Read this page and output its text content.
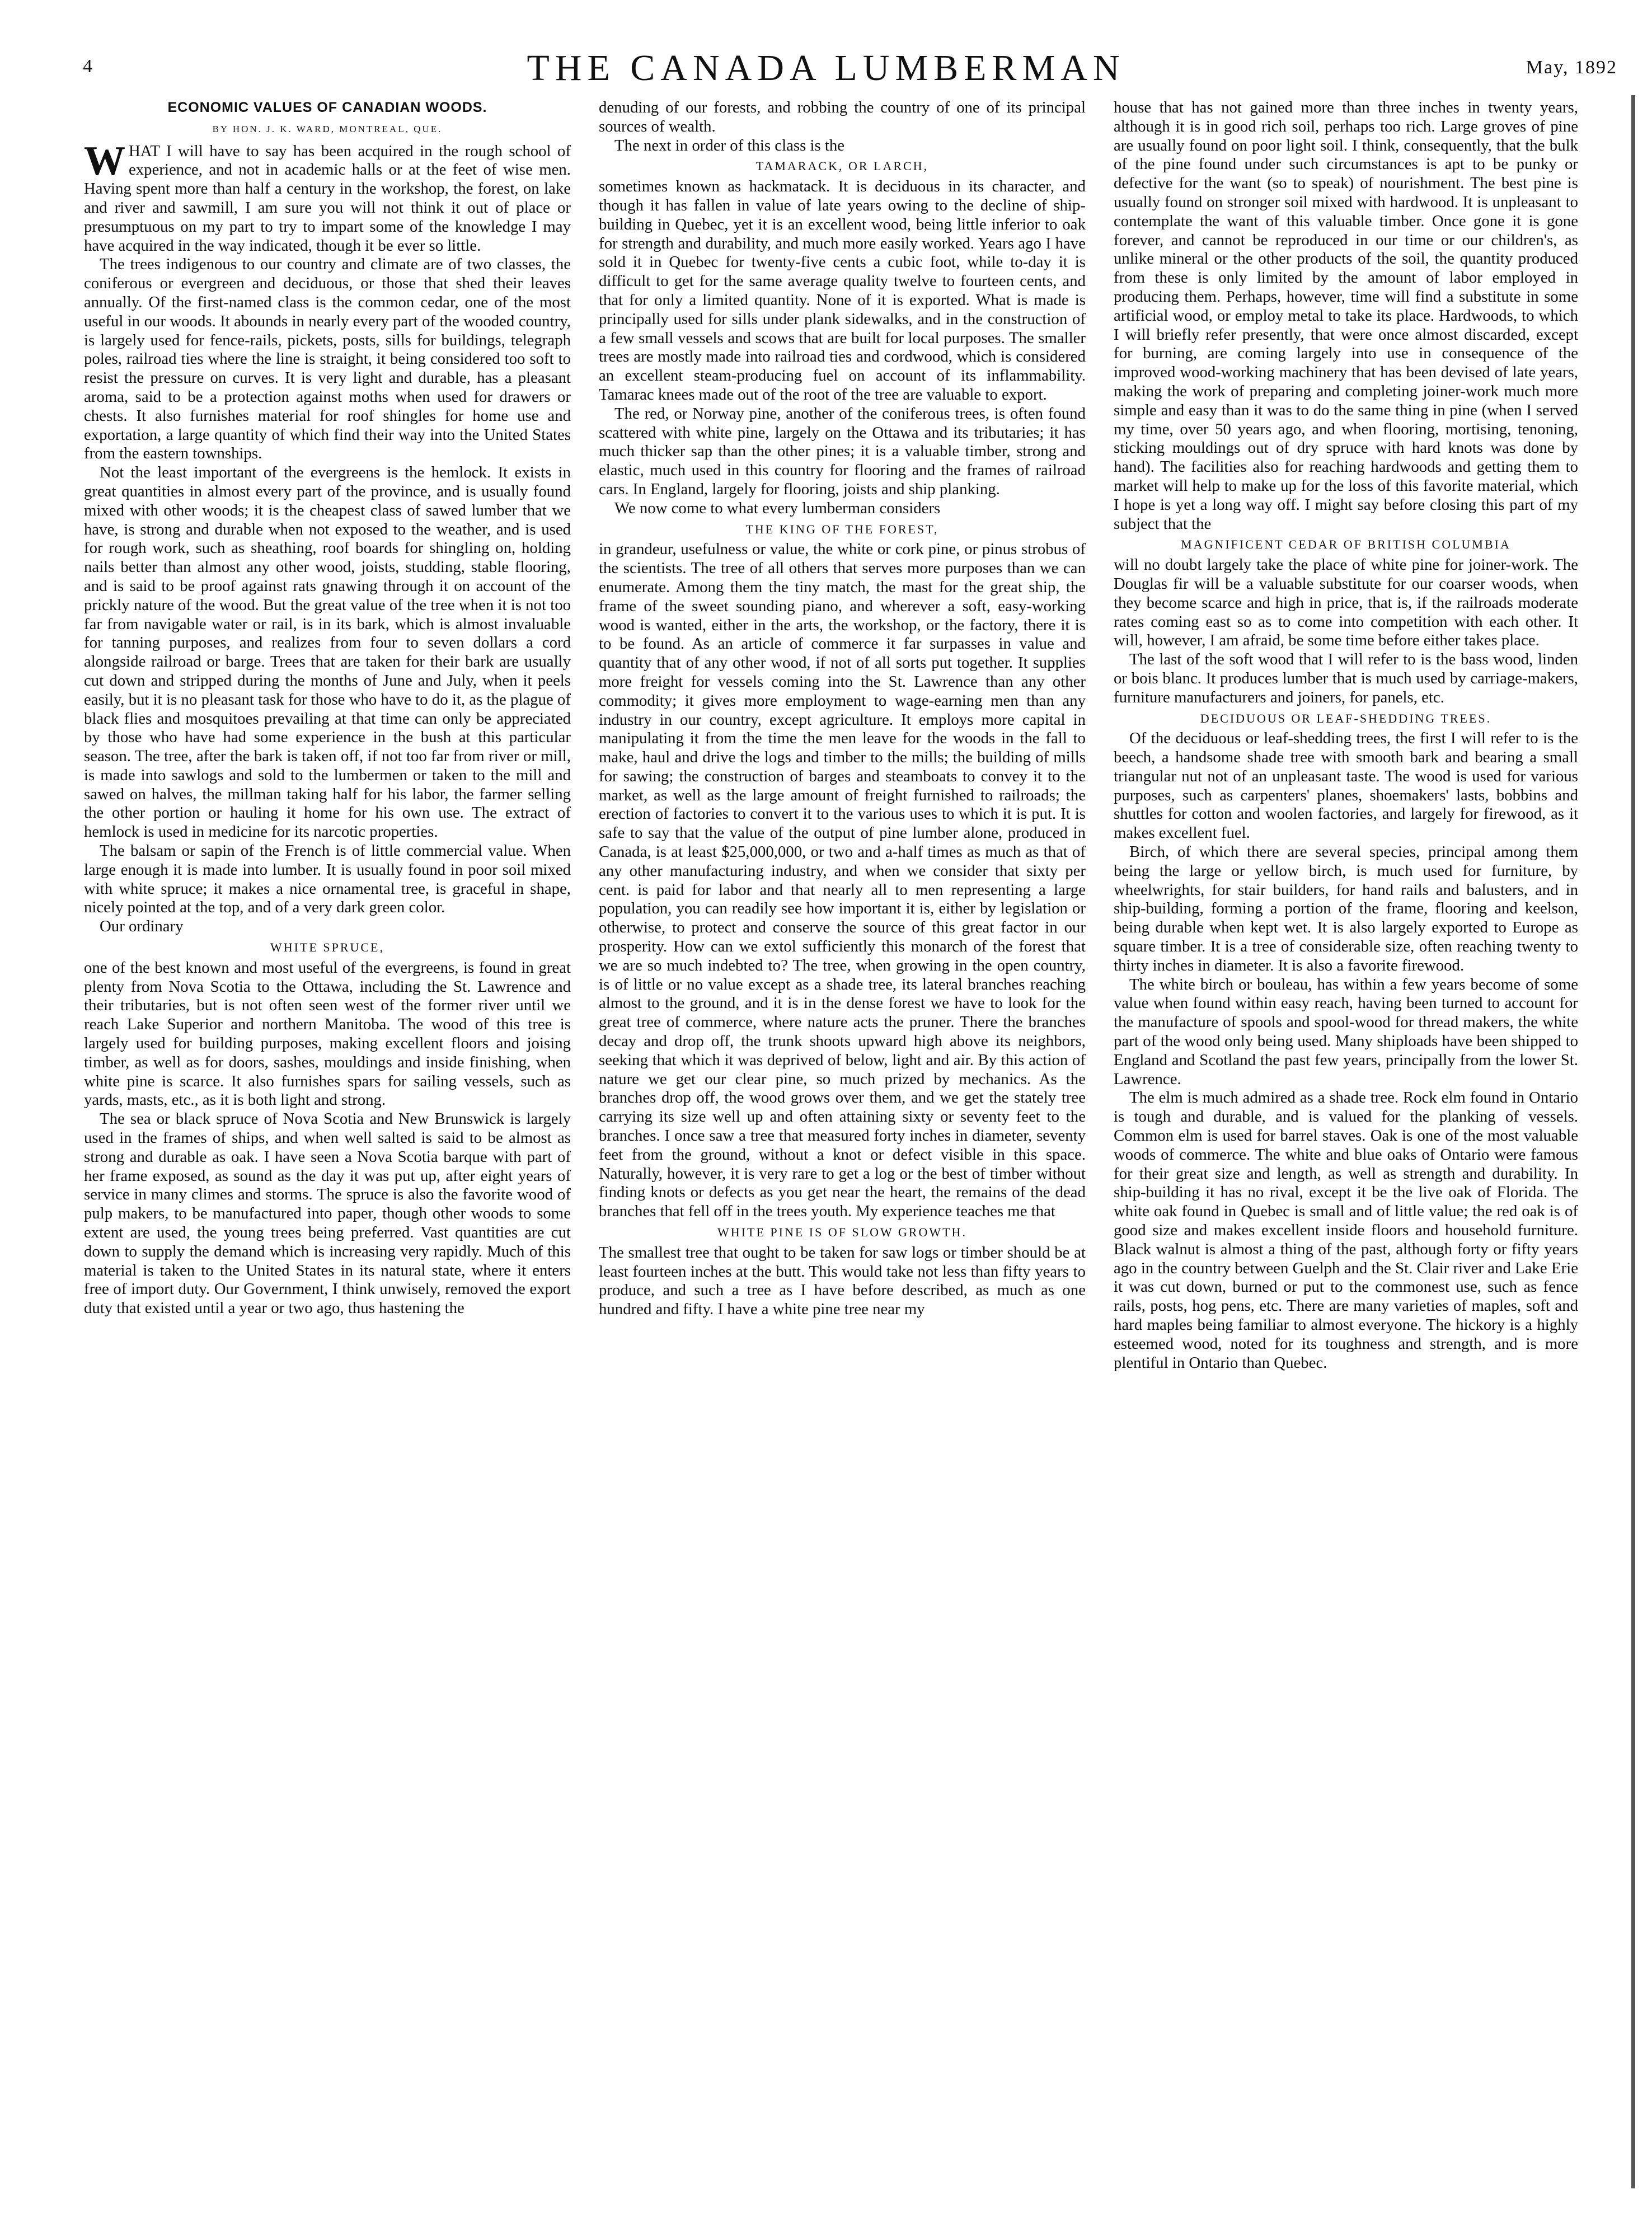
4	THE CANADA LUMBERMAN	May, 1892
ECONOMIC VALUES OF CANADIAN WOODS.
BY HON. J. K. WARD, MONTREAL, QUE.

WHAT I will have to say has been acquired in the rough school of experience, and not in academic halls or at the feet of wise men. Having spent more than half a century in the workshop, the forest, on lake and river and sawmill, I am sure you will not think it out of place or presumptuous on my part to try to impart some of the knowledge I may have acquired in the way indicated, though it be ever so little.

The trees indigenous to our country and climate are of two classes, the coniferous or evergreen and deciduous, or those that shed their leaves annually. Of the first-named class is the common cedar, one of the most useful in our woods. It abounds in nearly every part of the wooded country, is largely used for fence-rails, pickets, posts, sills for buildings, telegraph poles, railroad ties where the line is straight, it being considered too soft to resist the pressure on curves. It is very light and durable, has a pleasant aroma, said to be a protection against moths when used for drawers or chests. It also furnishes material for roof shingles for home use and exportation, a large quantity of which find their way into the United States from the eastern townships.

Not the least important of the evergreens is the hemlock. It exists in great quantities in almost every part of the province, and is usually found mixed with other woods; it is the cheapest class of sawed lumber that we have, is strong and durable when not exposed to the weather, and is used for rough work, such as sheathing, roof boards for shingling on, holding nails better than almost any other wood, joists, studding, stable flooring, and is said to be proof against rats gnawing through it on account of the prickly nature of the wood. But the great value of the tree when it is not too far from navigable water or rail, is in its bark, which is almost invaluable for tanning purposes, and realizes from four to seven dollars a cord alongside railroad or barge. Trees that are taken for their bark are usually cut down and stripped during the months of June and July, when it peels easily, but it is no pleasant task for those who have to do it, as the plague of black flies and mosquitoes prevailing at that time can only be appreciated by those who have had some experience in the bush at this particular season. The tree, after the bark is taken off, if not too far from river or mill, is made into sawlogs and sold to the lumbermen or taken to the mill and sawed on halves, the millman taking half for his labor, the farmer selling the other portion or hauling it home for his own use. The extract of hemlock is used in medicine for its narcotic properties.

The balsam or sapin of the French is of little commercial value. When large enough it is made into lumber. It is usually found in poor soil mixed with white spruce; it makes a nice ornamental tree, is graceful in shape, nicely pointed at the top, and of a very dark green color.

Our ordinary

WHITE SPRUCE,

one of the best known and most useful of the evergreens, is found in great plenty from Nova Scotia to the Ottawa, including the St. Lawrence and their tributaries, but is not often seen west of the former river until we reach Lake Superior and northern Manitoba. The wood of this tree is largely used for building purposes, making excellent floors and joising timber, as well as for doors, sashes, mouldings and inside finishing, when white pine is scarce. It also furnishes spars for sailing vessels, such as yards, masts, etc., as it is both light and strong.

The sea or black spruce of Nova Scotia and New Brunswick is largely used in the frames of ships, and when well salted is said to be almost as strong and durable as oak. I have seen a Nova Scotia barque with part of her frame exposed, as sound as the day it was put up, after eight years of service in many climes and storms. The spruce is also the favorite wood of pulp makers, to be manufactured into paper, though other woods to some extent are used, the young trees being preferred. Vast quantities are cut down to supply the demand which is increasing very rapidly. Much of this material is taken to the United States in its natural state, where it enters free of import duty. Our Government, I think unwisely, removed the export duty that existed until a year or two ago, thus hastening the

denuding of our forests, and robbing the country of one of its principal sources of wealth.

The next in order of this class is the

TAMARACK, OR LARCH,

sometimes known as hackmatack. It is deciduous in its character, and though it has fallen in value of late years owing to the decline of ship-building in Quebec, yet it is an excellent wood, being little inferior to oak for strength and durability, and much more easily worked. Years ago I have sold it in Quebec for twenty-five cents a cubic foot, while to-day it is difficult to get for the same average quality twelve to fourteen cents, and that for only a limited quantity. None of it is exported. What is made is principally used for sills under plank sidewalks, and in the construction of a few small vessels and scows that are built for local purposes. The smaller trees are mostly made into railroad ties and cordwood, which is considered an excellent steam-producing fuel on account of its inflammability. Tamarac knees made out of the root of the tree are valuable to export.

The red, or Norway pine, another of the coniferous trees, is often found scattered with white pine, largely on the Ottawa and its tributaries; it has much thicker sap than the other pines; it is a valuable timber, strong and elastic, much used in this country for flooring and the frames of railroad cars. In England, largely for flooring, joists and ship planking.

We now come to what every lumberman considers

THE KING OF THE FOREST,

in grandeur, usefulness or value, the white or cork pine, or pinus strobus of the scientists. The tree of all others that serves more purposes than we can enumerate. Among them the tiny match, the mast for the great ship, the frame of the sweet sounding piano, and wherever a soft, easy-working wood is wanted, either in the arts, the workshop, or the factory, there it is to be found. As an article of commerce it far surpasses in value and quantity that of any other wood, if not of all sorts put together. It supplies more freight for vessels coming into the St. Lawrence than any other commodity; it gives more employment to wage-earning men than any industry in our country, except agriculture. It employs more capital in manipulating it from the time the men leave for the woods in the fall to make, haul and drive the logs and timber to the mills; the building of mills for sawing; the construction of barges and steamboats to convey it to the market, as well as the large amount of freight furnished to railroads; the erection of factories to convert it to the various uses to which it is put. It is safe to say that the value of the output of pine lumber alone, produced in Canada, is at least $25,000,000, or two and a-half times as much as that of any other manufacturing industry, and when we consider that sixty per cent. is paid for labor and that nearly all to men representing a large population, you can readily see how important it is, either by legislation or otherwise, to protect and conserve the source of this great factor in our prosperity. How can we extol sufficiently this monarch of the forest that we are so much indebted to? The tree, when growing in the open country, is of little or no value except as a shade tree, its lateral branches reaching almost to the ground, and it is in the dense forest we have to look for the great tree of commerce, where nature acts the pruner. There the branches decay and drop off, the trunk shoots upward high above its neighbors, seeking that which it was deprived of below, light and air. By this action of nature we get our clear pine, so much prized by mechanics. As the branches drop off, the wood grows over them, and we get the stately tree carrying its size well up and often attaining sixty or seventy feet to the branches. I once saw a tree that measured forty inches in diameter, seventy feet from the ground, without a knot or defect visible in this space. Naturally, however, it is very rare to get a log or the best of timber without finding knots or defects as you get near the heart, the remains of the dead branches that fell off in the trees youth. My experience teaches me that

WHITE PINE IS OF SLOW GROWTH.

The smallest tree that ought to be taken for saw logs or timber should be at least fourteen inches at the butt. This would take not less than fifty years to produce, and such a tree as I have before described, as much as one hundred and fifty. I have a white pine tree near my

house that has not gained more than three inches in twenty years, although it is in good rich soil, perhaps too rich. Large groves of pine are usually found on poor light soil. I think, consequently, that the bulk of the pine found under such circumstances is apt to be punky or defective for the want (so to speak) of nourishment. The best pine is usually found on stronger soil mixed with hardwood. It is unpleasant to contemplate the want of this valuable timber. Once gone it is gone forever, and cannot be reproduced in our time or our children's, as unlike mineral or the other products of the soil, the quantity produced from these is only limited by the amount of labor employed in producing them. Perhaps, however, time will find a substitute in some artificial wood, or employ metal to take its place. Hardwoods, to which I will briefly refer presently, that were once almost discarded, except for burning, are coming largely into use in consequence of the improved wood-working machinery that has been devised of late years, making the work of preparing and completing joiner-work much more simple and easy than it was to do the same thing in pine (when I served my time, over 50 years ago, and when flooring, mortising, tenoning, sticking mouldings out of dry spruce with hard knots was done by hand). The facilities also for reaching hardwoods and getting them to market will help to make up for the loss of this favorite material, which I hope is yet a long way off. I might say before closing this part of my subject that the

MAGNIFICENT CEDAR OF BRITISH COLUMBIA

will no doubt largely take the place of white pine for joiner-work. The Douglas fir will be a valuable substitute for our coarser woods, when they become scarce and high in price, that is, if the railroads moderate rates coming east so as to come into competition with each other. It will, however, I am afraid, be some time before either takes place.

The last of the soft wood that I will refer to is the bass wood, linden or bois blanc. It produces lumber that is much used by carriage-makers, furniture manufacturers and joiners, for panels, etc.

DECIDUOUS OR LEAF-SHEDDING TREES.

Of the deciduous or leaf-shedding trees, the first I will refer to is the beech, a handsome shade tree with smooth bark and bearing a small triangular nut not of an unpleasant taste. The wood is used for various purposes, such as carpenters' planes, shoemakers' lasts, bobbins and shuttles for cotton and woolen factories, and largely for firewood, as it makes excellent fuel.

Birch, of which there are several species, principal among them being the large or yellow birch, is much used for furniture, by wheelwrights, for stair builders, for hand rails and balusters, and in ship-building, forming a portion of the frame, flooring and keelson, being durable when kept wet. It is also largely exported to Europe as square timber. It is a tree of considerable size, often reaching twenty to thirty inches in diameter. It is also a favorite firewood.

The white birch or bouleau, has within a few years become of some value when found within easy reach, having been turned to account for the manufacture of spools and spool-wood for thread makers, the white part of the wood only being used. Many shiploads have been shipped to England and Scotland the past few years, principally from the lower St. Lawrence.

The elm is much admired as a shade tree. Rock elm found in Ontario is tough and durable, and is valued for the planking of vessels. Common elm is used for barrel staves. Oak is one of the most valuable woods of commerce. The white and blue oaks of Ontario were famous for their great size and length, as well as strength and durability. In ship-building it has no rival, except it be the live oak of Florida. The white oak found in Quebec is small and of little value; the red oak is of good size and makes excellent inside floors and household furniture. Black walnut is almost a thing of the past, although forty or fifty years ago in the country between Guelph and the St. Clair river and Lake Erie it was cut down, burned or put to the commonest use, such as fence rails, posts, hog pens, etc. There are many varieties of maples, soft and hard maples being familiar to almost everyone. The hickory is a highly esteemed wood, noted for its toughness and strength, and is more plentiful in Ontario than Quebec.
